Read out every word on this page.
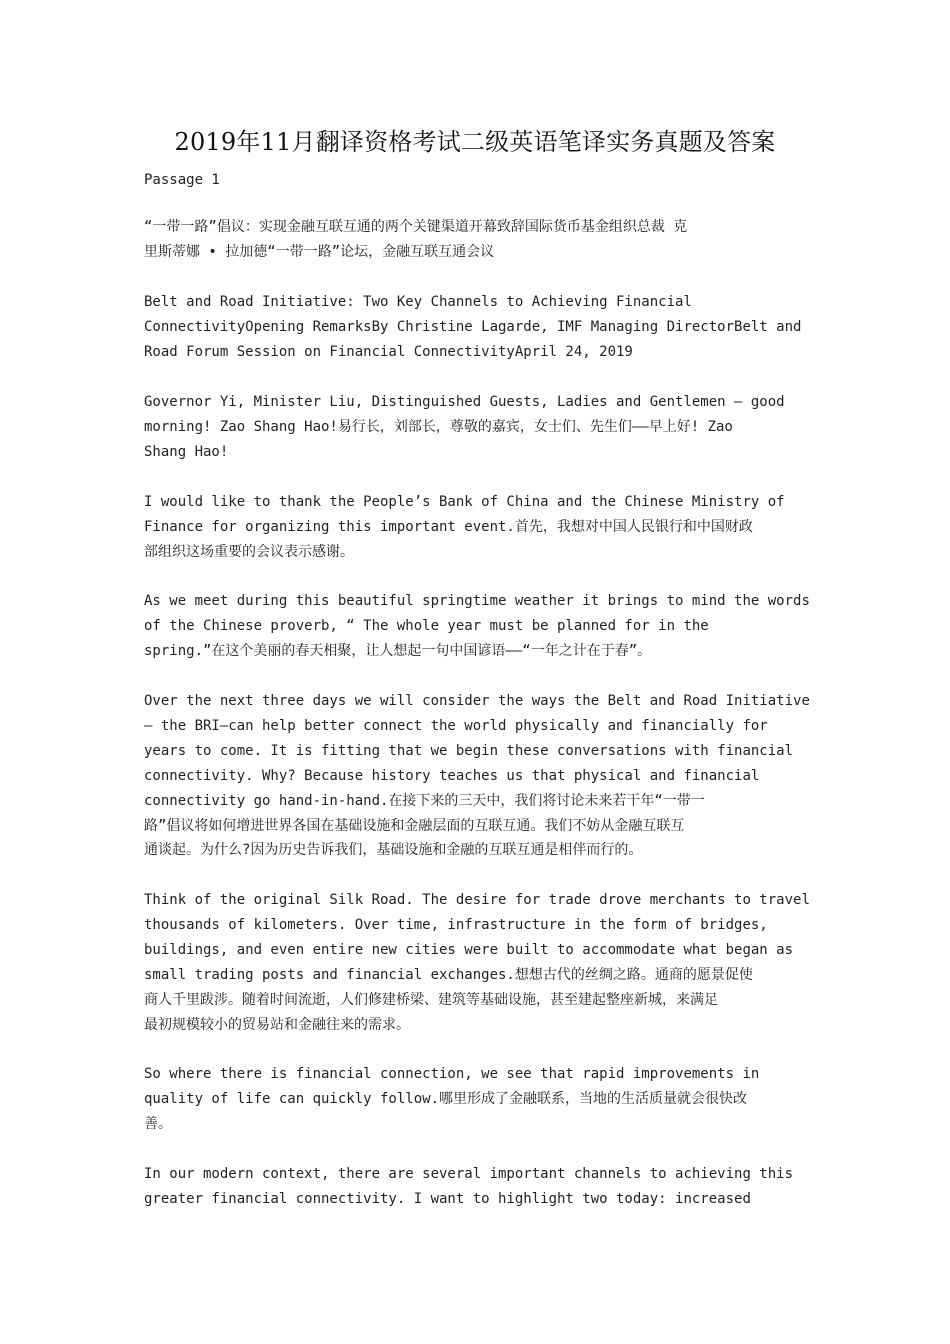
2019年11月翻译资格考试二级英语笔译实务真题及答案
Passage 1
“一带一路”倡议：实现金融互联互通的两个关键渠道开幕致辞国际货币基金组织总裁 克
里斯蒂娜 • 拉加德“一带一路”论坛，金融互联互通会议
Belt and Road Initiative: Two Key Channels to Achieving Financial
ConnectivityOpening RemarksBy Christine Lagarde, IMF Managing DirectorBelt and
Road Forum Session on Financial ConnectivityApril 24, 2019
Governor Yi, Minister Liu, Distinguished Guests, Ladies and Gentlemen — good
morning! Zao Shang Hao!易行长，刘部长，尊敬的嘉宾，女士们、先生们——早上好! Zao
Shang Hao!
I would like to thank the People’s Bank of China and the Chinese Ministry of
Finance for organizing this important event.首先，我想对中国人民银行和中国财政
部组织这场重要的会议表示感谢。
As we meet during this beautiful springtime weather it brings to mind the words
of the Chinese proverb, “ The whole year must be planned for in the
spring.”在这个美丽的春天相聚，让人想起一句中国谚语——“一年之计在于春”。
Over the next three days we will consider the ways the Belt and Road Initiative
— the BRI—can help better connect the world physically and financially for
years to come. It is fitting that we begin these conversations with financial
connectivity. Why? Because history teaches us that physical and financial
connectivity go hand-in-hand.在接下来的三天中，我们将讨论未来若干年“一带一
路”倡议将如何增进世界各国在基础设施和金融层面的互联互通。我们不妨从金融互联互
通谈起。为什么?因为历史告诉我们，基础设施和金融的互联互通是相伴而行的。
Think of the original Silk Road. The desire for trade drove merchants to travel
thousands of kilometers. Over time, infrastructure in the form of bridges,
buildings, and even entire new cities were built to accommodate what began as
small trading posts and financial exchanges.想想古代的丝绸之路。通商的愿景促使
商人千里跋涉。随着时间流逝，人们修建桥梁、建筑等基础设施，甚至建起整座新城，来满足
最初规模较小的贸易站和金融往来的需求。
So where there is financial connection, we see that rapid improvements in
quality of life can quickly follow.哪里形成了金融联系，当地的生活质量就会很快改
善。
In our modern context, there are several important channels to achieving this
greater financial connectivity. I want to highlight two today: increased
